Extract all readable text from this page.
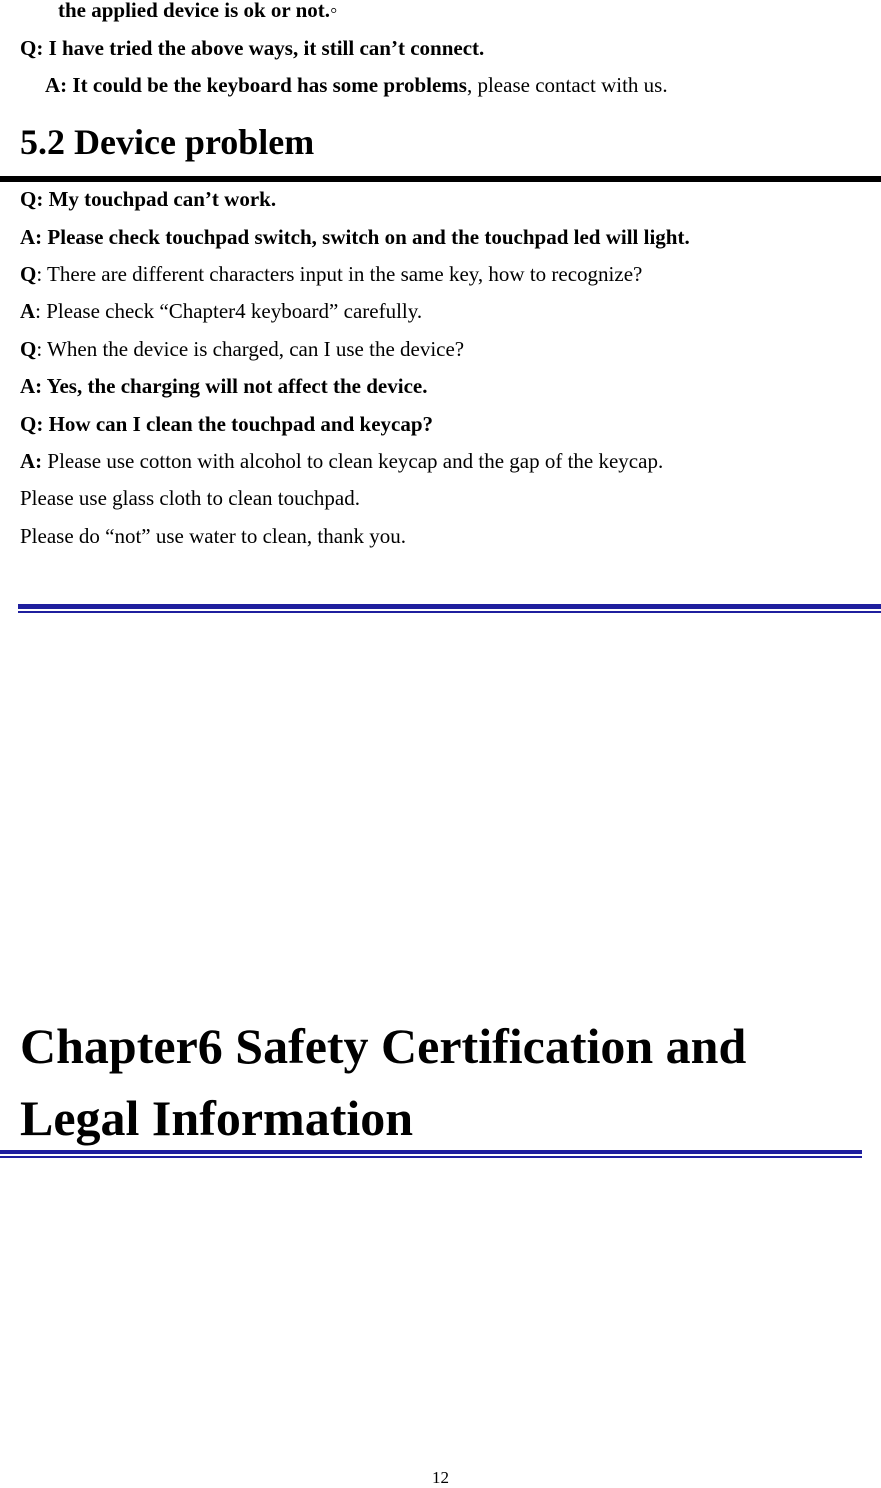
the applied device is ok or not.◦
Q: I have tried the above ways, it still can’t connect.
A: It could be the keyboard has some problems, please contact with us.
5.2 Device problem
Q: My touchpad can’t work.
A: Please check touchpad switch, switch on and the touchpad led will light.
Q: There are different characters input in the same key, how to recognize?
A: Please check “Chapter4 keyboard” carefully.
Q: When the device is charged, can I use the device?
A: Yes, the charging will not affect the device.
Q: How can I clean the touchpad and keycap?
A: Please use cotton with alcohol to clean keycap and the gap of the keycap.
Please use glass cloth to clean touchpad.
Please do “not” use water to clean, thank you.
Chapter6 Safety Certification and
Legal Information
12
